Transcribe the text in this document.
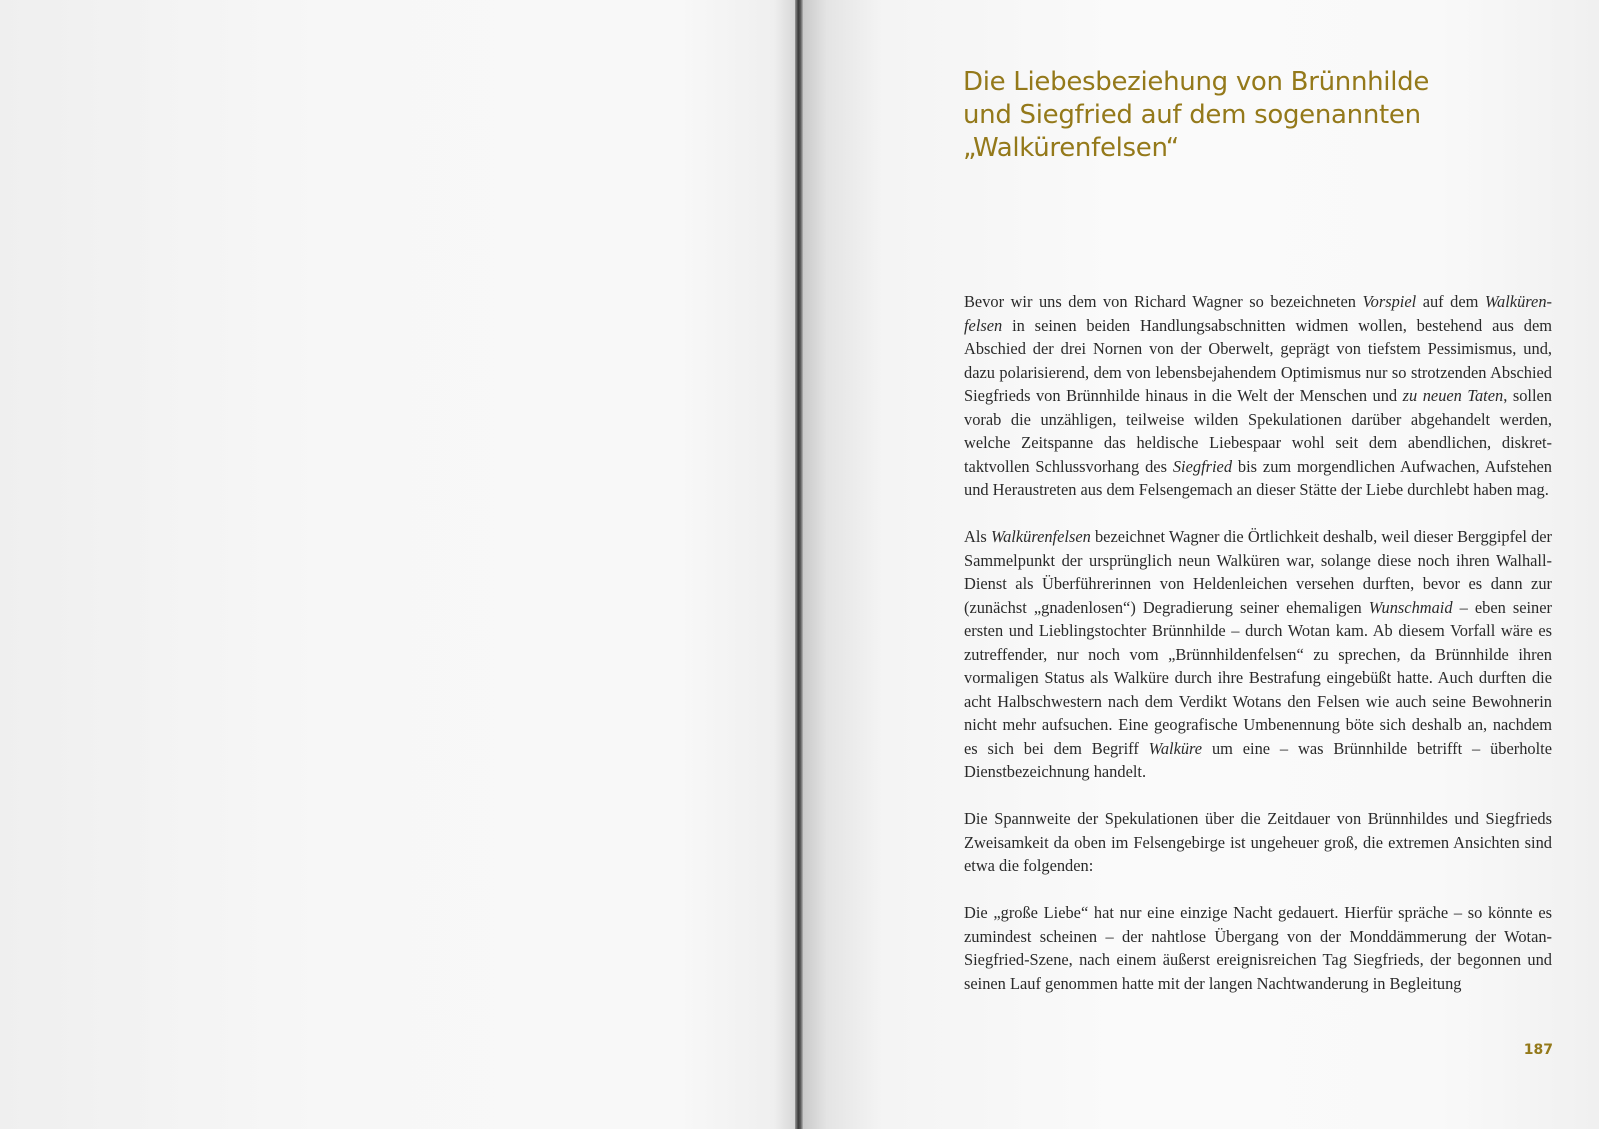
Die Liebesbeziehung von Brünnhilde
und Siegfried auf dem sogenannten
„Walkürenfelsen“

Bevor wir uns dem von Richard Wagner so bezeichneten Vorspiel auf dem Walkürenfelsen in seinen beiden Handlungsabschnitten widmen wollen, bestehend aus dem Abschied der drei Nornen von der Oberwelt, geprägt von tiefstem Pessimismus, und, dazu polarisierend, dem von lebensbejahendem Optimismus nur so strotzenden Abschied Siegfrieds von Brünnhilde hinaus in die Welt der Menschen und zu neuen Taten, sollen vorab die unzähligen, teilweise wilden Spekulationen darüber abgehandelt werden, welche Zeitspanne das heldische Liebespaar wohl seit dem abendlichen, diskret-taktvollen Schlussvorhang des Siegfried bis zum morgendlichen Aufwachen, Aufstehen und Heraustreten aus dem Felsengemach an dieser Stätte der Liebe durchlebt haben mag.

Als Walkürenfelsen bezeichnet Wagner die Örtlichkeit deshalb, weil dieser Berggipfel der Sammelpunkt der ursprünglich neun Walküren war, solange diese noch ihren Walhall-Dienst als Überführerinnen von Heldenleichen versehen durften, bevor es dann zur (zunächst „gnadenlosen“) Degradierung seiner ehemaligen Wunschmaid – eben seiner ersten und Lieblingstochter Brünnhilde – durch Wotan kam. Ab diesem Vorfall wäre es zutreffender, nur noch vom „Brünnhildenfelsen“ zu sprechen, da Brünnhilde ihren vormaligen Status als Walküre durch ihre Bestrafung eingebüßt hatte. Auch durften die acht Halbschwestern nach dem Verdikt Wotans den Felsen wie auch seine Bewohnerin nicht mehr aufsuchen. Eine geografische Umbenennung böte sich deshalb an, nachdem es sich bei dem Begriff Walküre um eine – was Brünnhilde betrifft – überholte Dienstbezeichnung handelt.

Die Spannweite der Spekulationen über die Zeitdauer von Brünnhildes und Siegfrieds Zweisamkeit da oben im Felsengebirge ist ungeheuer groß, die extremen Ansichten sind etwa die folgenden:

Die „große Liebe“ hat nur eine einzige Nacht gedauert. Hierfür spräche – so könnte es zumindest scheinen – der nahtlose Übergang von der Monddämmerung der Wotan-Siegfried-Szene, nach einem äußerst ereignisreichen Tag Siegfrieds, der begonnen und seinen Lauf genommen hatte mit der langen Nachtwanderung in Begleitung

187
